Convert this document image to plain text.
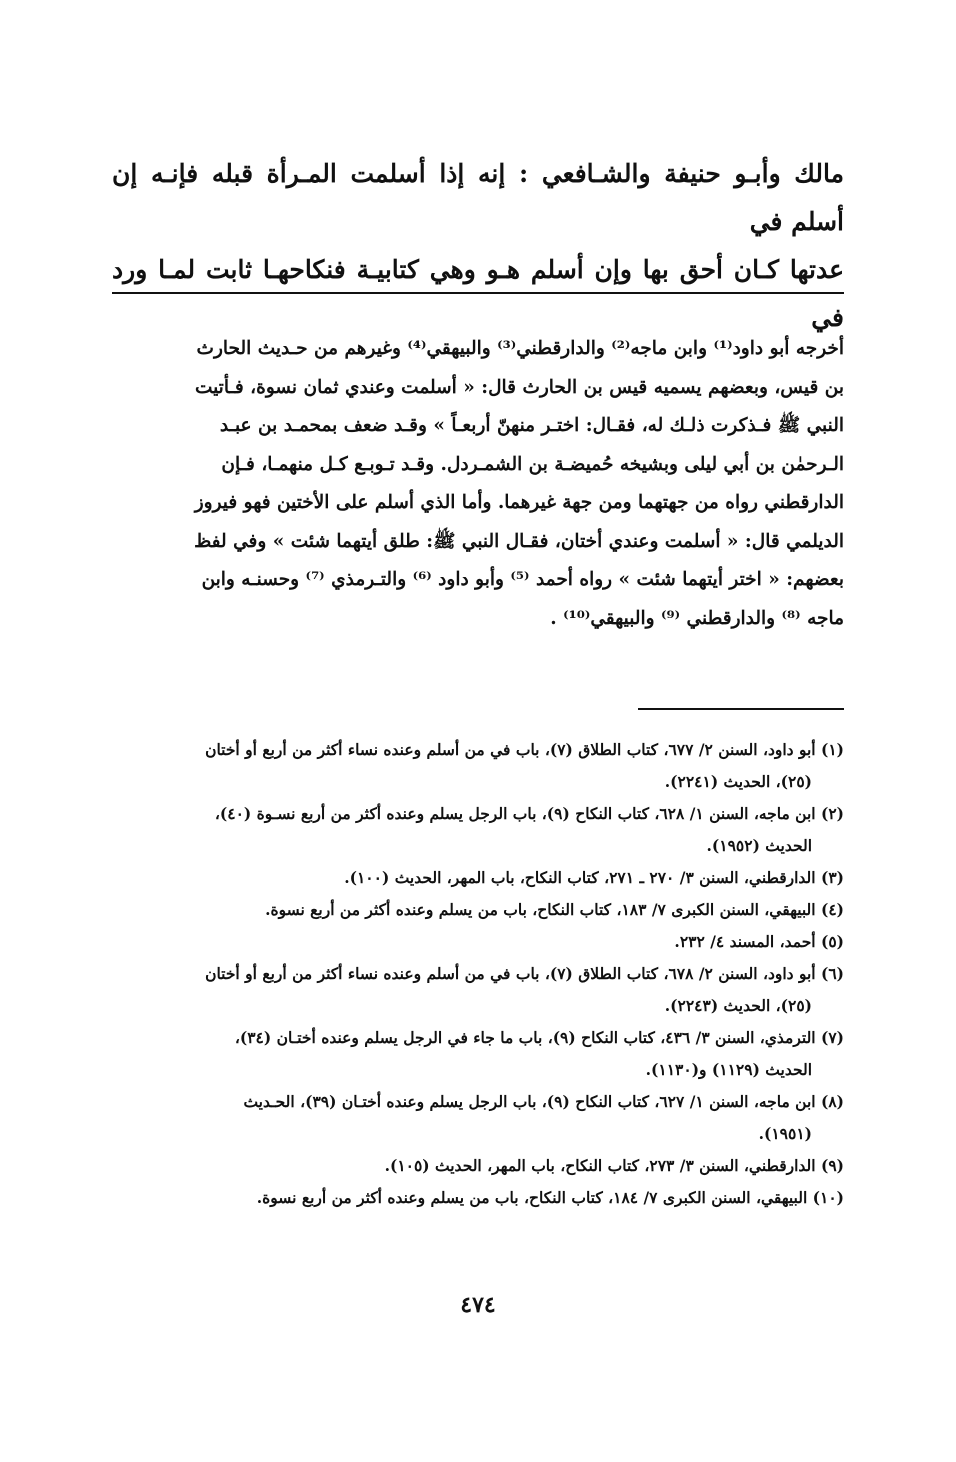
مالك وأبـو حنيفة والشـافعي : إنه إذا أسلمت المـرأة قبله فإنـه إن أسلم في

عدتها كـان أحق بها وإن أسلم هـو وهي كتابيـة فنكاحهـا ثابت لمـا ورد في

أخرجه أبو داود⁽¹⁾ وابن ماجه⁽²⁾ والدارقطني⁽³⁾ والبيهقي⁽⁴⁾ وغيرهم من حـديث الحارث

بن قيس، وبعضهم يسميه قيس بن الحارث قال: « أسلمت وعندي ثمان نسوة، فـأتيت

النبي ﷺ فـذكرت ذلـك له، فقـال: اختـر منهنّ أربعـاً » وقـد ضعف بمحمـد بن عبـد

الـرحمٰن بن أبي ليلى وبشيخه حُميضـة بن الشمـردل. وقـد تـوبـع كـل منهمـا، فـإن

الدارقطني رواه من جهتهما ومن جهة غيرهما. وأما الذي أسلم على الأختين فهو فيروز

الديلمي قال: « أسلمت وعندي أختان، فقـال النبي ﷺ: طلق أيتهما شئت » وفي لفظ

بعضهم: « اختر أيتهما شئت » رواه أحمد ⁽⁵⁾ وأبو داود ⁽⁶⁾ والتـرمذي ⁽⁷⁾ وحسنـه وابن

ماجه ⁽⁸⁾ والدارقطني ⁽⁹⁾ والبيهقي⁽¹⁰⁾ .

(١) أبو داود، السنن ٢/ ٦٧٧، كتاب الطلاق (٧)، باب في من أسلم وعنده نساء أكثر من أربع أو أختان
(٢٥)، الحديث (٢٢٤١).
(٢) ابن ماجه، السنن ١/ ٦٢٨، كتاب النكاح (٩)، باب الرجل يسلم وعنده أكثر من أربع نسـوة (٤٠)،
الحديث (١٩٥٢).
(٣) الدارقطني، السنن ٣/ ٢٧٠ ـ ٢٧١، كتاب النكاح، باب المهر، الحديث (١٠٠).
(٤) البيهقي، السنن الكبرى ٧/ ١٨٣، كتاب النكاح، باب من يسلم وعنده أكثر من أربع نسوة.
(٥) أحمد، المسند ٤/ ٢٣٢.
(٦) أبو داود، السنن ٢/ ٦٧٨، كتاب الطلاق (٧)، باب في من أسلم وعنده نساء أكثر من أربع أو أختان
(٢٥)، الحديث (٢٢٤٣).
(٧) الترمذي، السنن ٣/ ٤٣٦، كتاب النكاح (٩)، باب ما جاء في الرجل يسلم وعنده أختـان (٣٤)،
الحديث (١١٢٩) و(١١٣٠).
(٨) ابن ماجه، السنن ١/ ٦٢٧، كتاب النكاح (٩)، باب الرجل يسلم وعنده أختـان (٣٩)، الحـديث
(١٩٥١).
(٩) الدارقطني، السنن ٣/ ٢٧٣، كتاب النكاح، باب المهر، الحديث (١٠٥).
(١٠) البيهقي، السنن الكبرى ٧/ ١٨٤، كتاب النكاح، باب من يسلم وعنده أكثر من أربع نسوة.
٤٧٤
